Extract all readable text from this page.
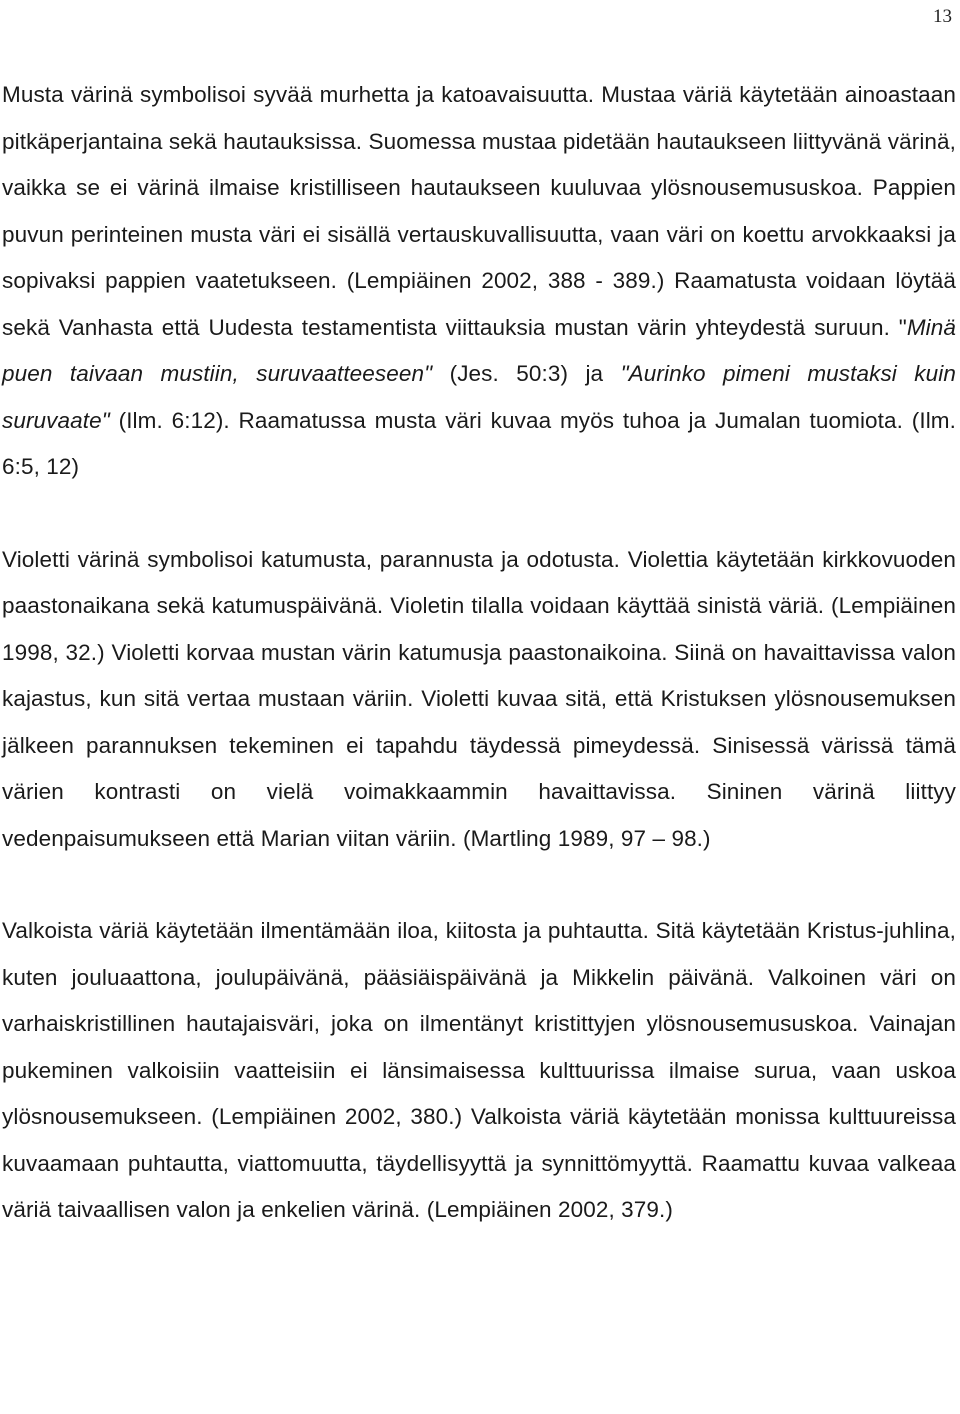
13

Musta värinä symbolisoi syvää murhetta ja katoavaisuutta. Mustaa väriä käytetään ainoastaan pitkäperjantaina sekä hautauksissa. Suomessa mustaa pidetään hautaukseen liittyvänä värinä, vaikka se ei värinä ilmaise kristilliseen hautaukseen kuuluvaa ylösnousemususkoa. Pappien puvun perinteinen musta väri ei sisällä vertauskuvallisuutta, vaan väri on koettu arvokkaaksi ja sopivaksi pappien vaatetukseen. (Lempiäinen 2002, 388 - 389.) Raamatusta voidaan löytää sekä Vanhasta että Uudesta testamentista viittauksia mustan värin yhteydestä suruun. "Minä puen taivaan mustiin, suruvaatteeseen" (Jes. 50:3) ja "Aurinko pimeni mustaksi kuin suruvaate" (Ilm. 6:12). Raamatussa musta väri kuvaa myös tuhoa ja Jumalan tuomiota. (Ilm. 6:5, 12)

Violetti värinä symbolisoi katumusta, parannusta ja odotusta. Violettia käytetään kirkkovuoden paastonaikana sekä katumuspäivänä. Violetin tilalla voidaan käyttää sinistä väriä. (Lempiäinen 1998, 32.) Violetti korvaa mustan värin katumusja paastonaikoina. Siinä on havaittavissa valon kajastus, kun sitä vertaa mustaan väriin. Violetti kuvaa sitä, että Kristuksen ylösnousemuksen jälkeen parannuksen tekeminen ei tapahdu täydessä pimeydessä. Sinisessä värissä tämä värien kontrasti on vielä voimakkaammin havaittavissa. Sininen värinä liittyy vedenpaisumukseen että Marian viitan väriin. (Martling 1989, 97 – 98.)

Valkoista väriä käytetään ilmentämään iloa, kiitosta ja puhtautta. Sitä käytetään Kristus-juhlina, kuten jouluaattona, joulupäivänä, pääsiäispäivänä ja Mikkelin päivänä. Valkoinen väri on varhaiskristillinen hautajaisväri, joka on ilmentänyt kristittyjen ylösnousemususkoa. Vainajan pukeminen valkoisiin vaatteisiin ei länsimaisessa kulttuurissa ilmaise surua, vaan uskoa ylösnousemukseen. (Lempiäinen 2002, 380.) Valkoista väriä käytetään monissa kulttuureissa kuvaamaan puhtautta, viattomuutta, täydellisyyttä ja synnittömyyttä. Raamattu kuvaa valkeaa väriä taivaallisen valon ja enkelien värinä. (Lempiäinen 2002, 379.)
